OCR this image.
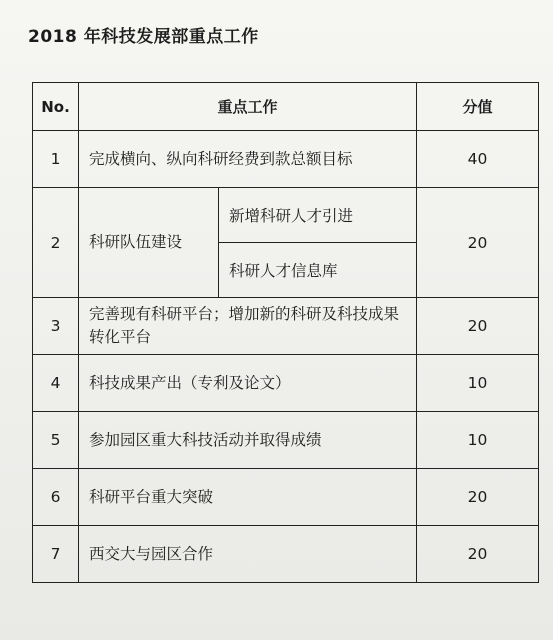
2018 年科技发展部重点工作
No.	重点工作		分值
1	完成横向、纵向科研经费到款总额目标		40
2	科研队伍建设	新增科研人才引进	20
		科研人才信息库	
3	完善现有科研平台；增加新的科研及科技成果转化平台		20
4	科技成果产出（专利及论文）		10
5	参加园区重大科技活动并取得成绩		10
6	科研平台重大突破		20
7	西交大与园区合作		20
